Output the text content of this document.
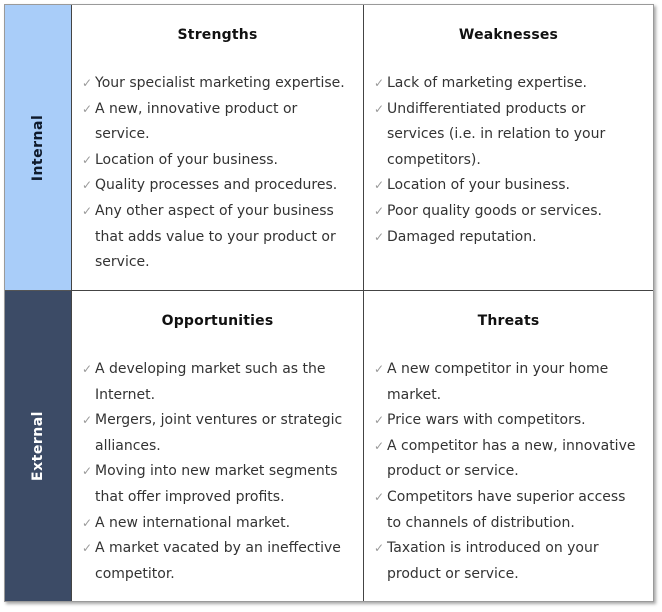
Internal
Strengths
✓ Your specialist marketing expertise.
✓ A new, innovative product or service.
✓ Location of your business.
✓ Quality processes and procedures.
✓ Any other aspect of your business that adds value to your product or service.
Weaknesses
✓ Lack of marketing expertise.
✓ Undifferentiated products or services (i.e. in relation to your competitors).
✓ Location of your business.
✓ Poor quality goods or services.
✓ Damaged reputation.
External
Opportunities
✓ A developing market such as the Internet.
✓ Mergers, joint ventures or strategic alliances.
✓ Moving into new market segments that offer improved profits.
✓ A new international market.
✓ A market vacated by an ineffective competitor.
Threats
✓ A new competitor in your home market.
✓ Price wars with competitors.
✓ A competitor has a new, innovative product or service.
✓ Competitors have superior access to channels of distribution.
✓ Taxation is introduced on your product or service.
